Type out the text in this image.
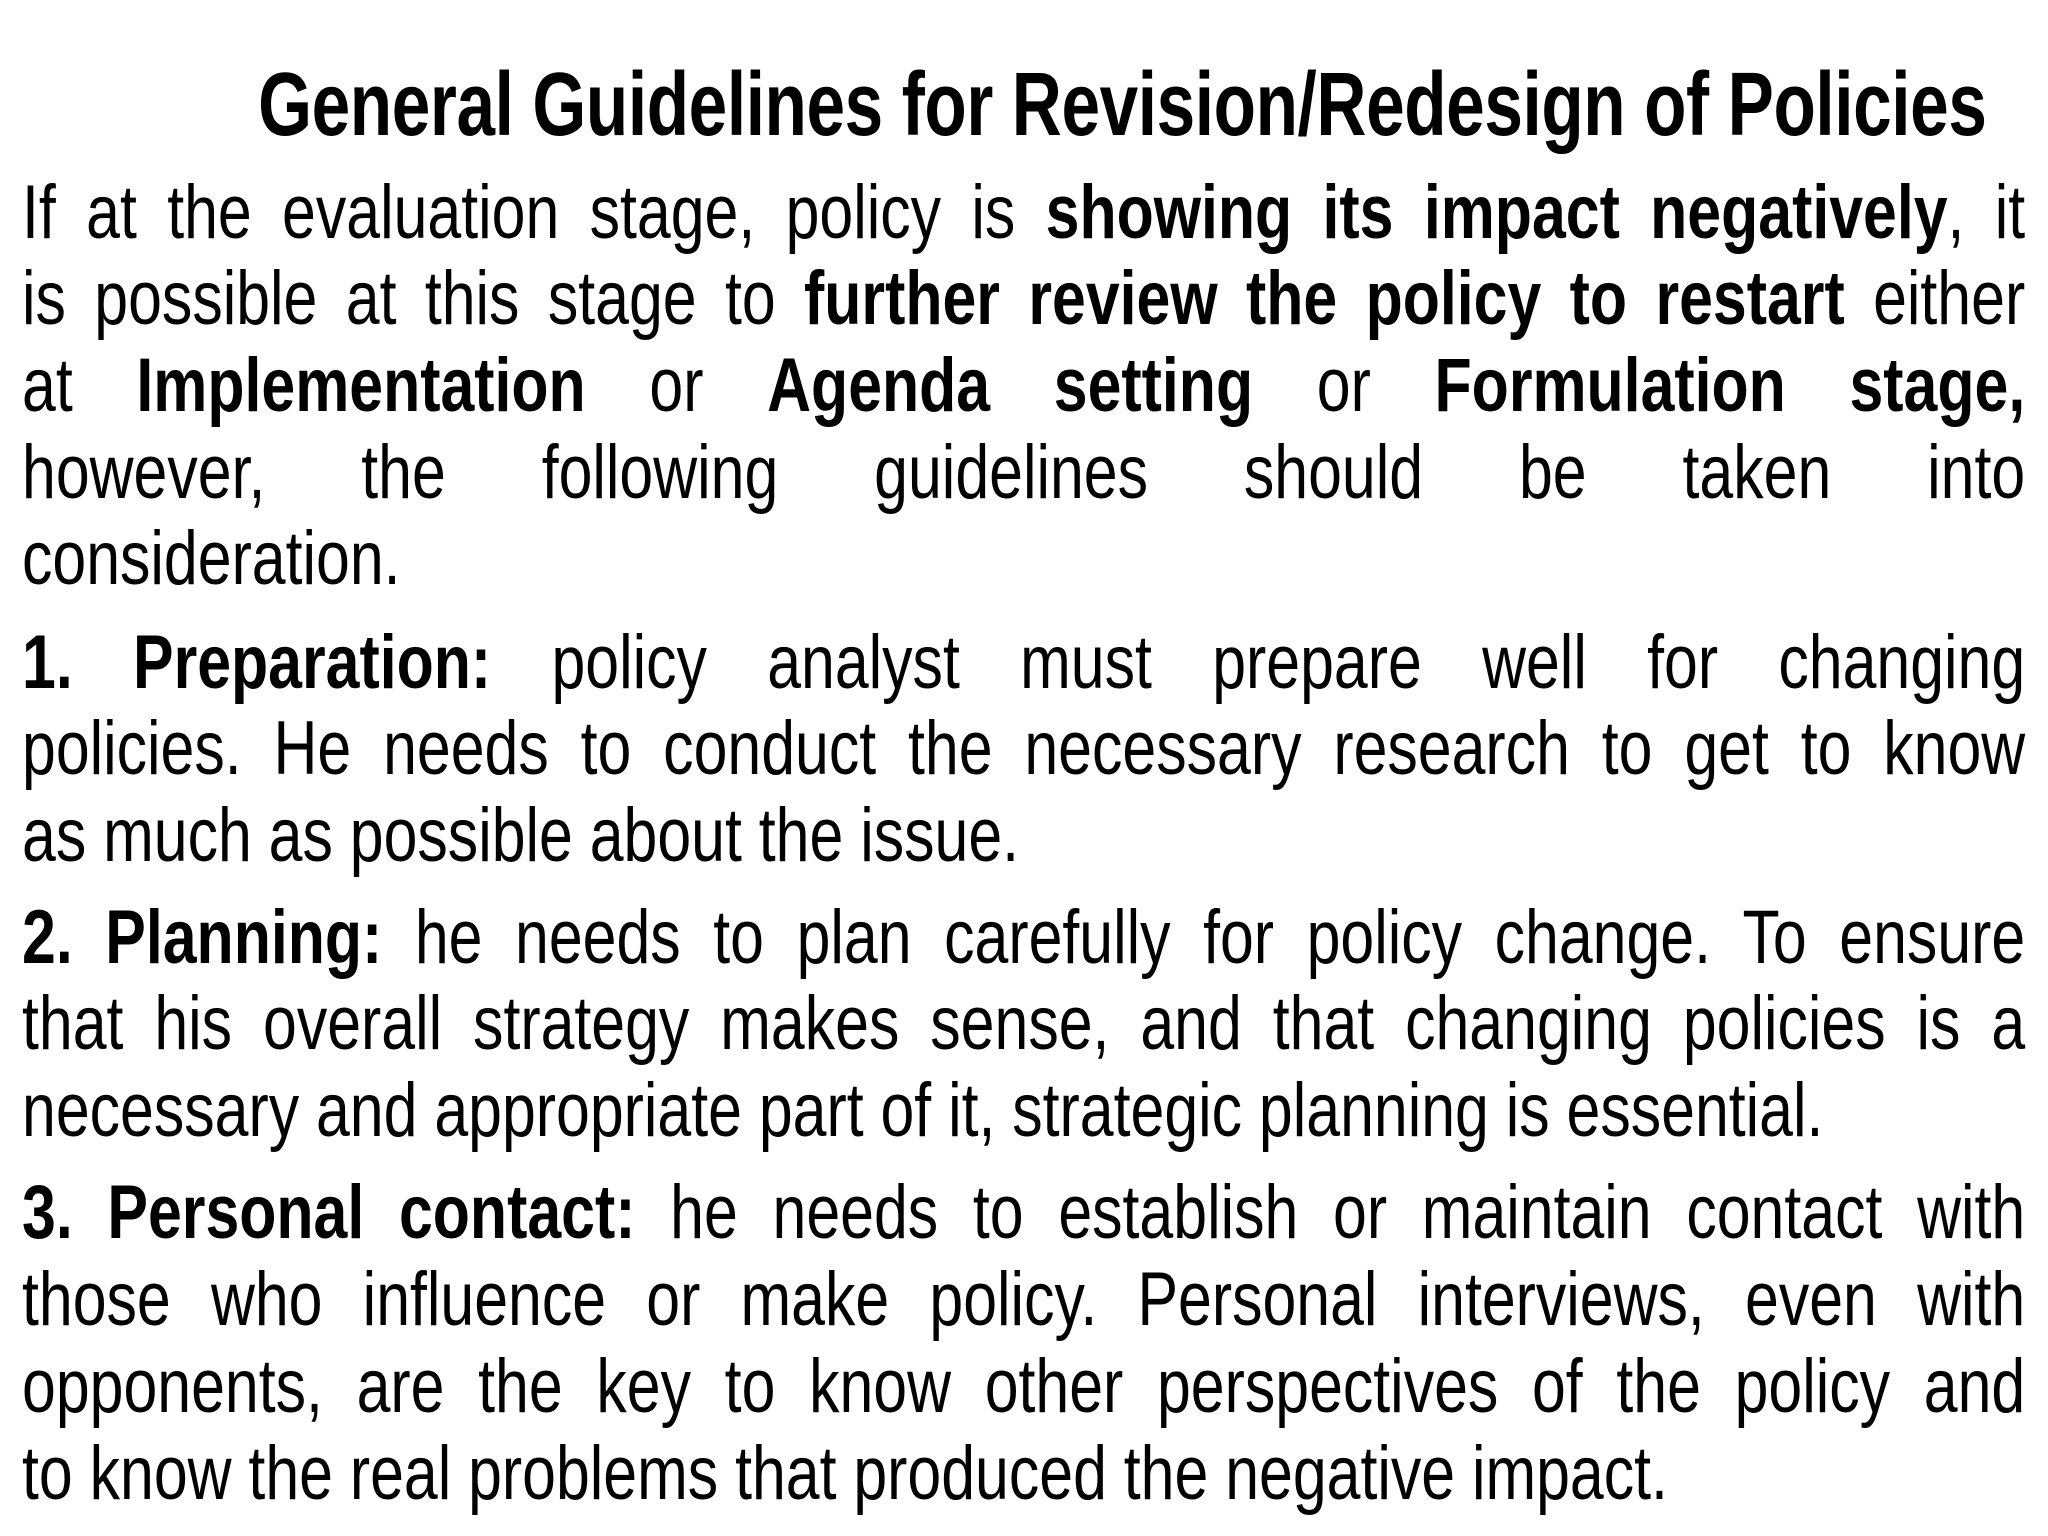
General Guidelines for Revision/Redesign of Policies
If at the evaluation stage, policy is showing its impact negatively, it
is possible at this stage to further review the policy to restart either
at Implementation or Agenda setting or Formulation stage,
however, the following guidelines should be taken into
consideration.
1. Preparation: policy analyst must prepare well for changing
policies. He needs to conduct the necessary research to get to know
as much as possible about the issue.
2. Planning: he needs to plan carefully for policy change. To ensure
that his overall strategy makes sense, and that changing policies is a
necessary and appropriate part of it, strategic planning is essential.
3. Personal contact: he needs to establish or maintain contact with
those who influence or make policy. Personal interviews, even with
opponents, are the key to know other perspectives of the policy and
to know the real problems that produced the negative impact.
